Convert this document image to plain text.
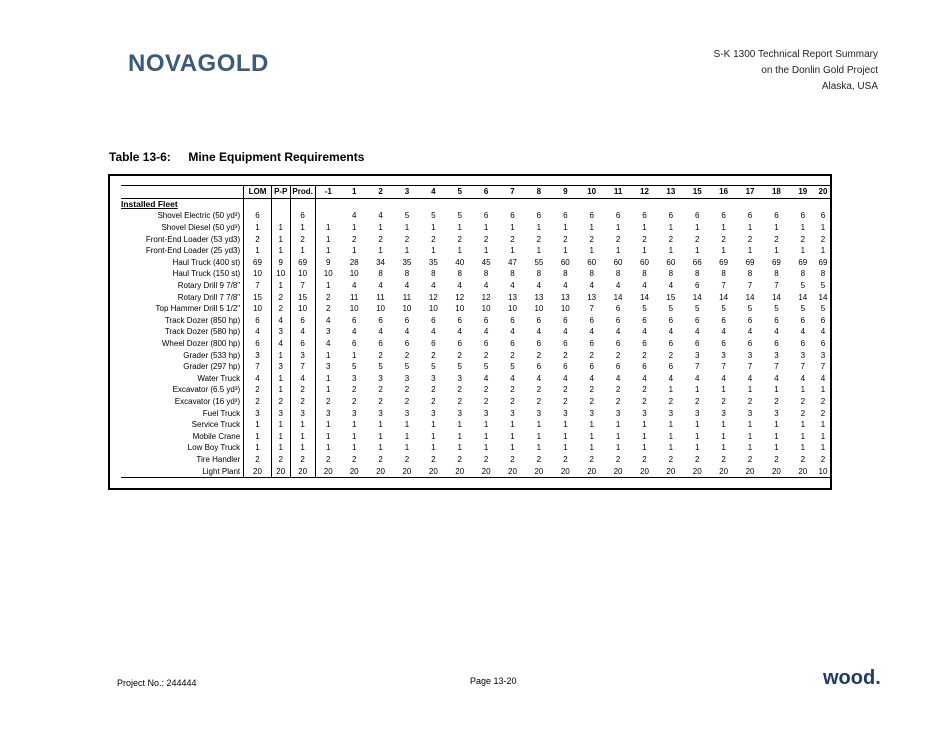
NOVAGOLD	S-K 1300 Technical Report Summary
on the Donlin Gold Project
Alaska, USA
Table 13-6: Mine Equipment Requirements
	LOM	P-P	Prod.	-1	1	2	3	4	5	6	7	8	9	10	11	12	13	15	16	17	18	19	20
Installed Fleet																							
Shovel Electric (50 yd³)	6		6		4	4	5	5	5	6	6	6	6	6	6	6	6	6	6	6	6	6	6
Shovel Diesel (50 yd³)	1	1	1	1	1	1	1	1	1	1	1	1	1	1	1	1	1	1	1	1	1	1	1
Front-End Loader (53 yd3)	2	1	2	1	2	2	2	2	2	2	2	2	2	2	2	2	2	2	2	2	2	2	2
Front-End Loader (25 yd3)	1	1	1	1	1	1	1	1	1	1	1	1	1	1	1	1	1	1	1	1	1	1	1
Haul Truck (400 st)	69	9	69	9	28	34	35	35	40	45	47	55	60	60	60	60	60	66	69	69	69	69	69
Haul Truck (150 st)	10	10	10	10	10	8	8	8	8	8	8	8	8	8	8	8	8	8	8	8	8	8	8
Rotary Drill 9 7/8"	7	1	7	1	4	4	4	4	4	4	4	4	4	4	4	4	4	6	7	7	7	5	5
Rotary Drill 7 7/8"	15	2	15	2	11	11	11	12	12	12	13	13	13	13	14	14	15	14	14	14	14	14	14
Top Hammer Drill 5 1/2"	10	2	10	2	10	10	10	10	10	10	10	10	10	7	6	5	5	5	5	5	5	5	5
Track Dozer (850 hp)	6	4	6	4	6	6	6	6	6	6	6	6	6	6	6	6	6	6	6	6	6	6	6
Track Dozer (580 hp)	4	3	4	3	4	4	4	4	4	4	4	4	4	4	4	4	4	4	4	4	4	4	4
Wheel Dozer (800 hp)	6	4	6	4	6	6	6	6	6	6	6	6	6	6	6	6	6	6	6	6	6	6	6
Grader (533 hp)	3	1	3	1	1	2	2	2	2	2	2	2	2	2	2	2	2	3	3	3	3	3	3
Grader (297 hp)	7	3	7	3	5	5	5	5	5	5	5	6	6	6	6	6	6	7	7	7	7	7	7
Water Truck	4	1	4	1	3	3	3	3	3	4	4	4	4	4	4	4	4	4	4	4	4	4	4
Excavator (6.5 yd³)	2	1	2	1	2	2	2	2	2	2	2	2	2	2	2	2	1	1	1	1	1	1	1
Excavator (16 yd³)	2	2	2	2	2	2	2	2	2	2	2	2	2	2	2	2	2	2	2	2	2	2	2
Fuel Truck	3	3	3	3	3	3	3	3	3	3	3	3	3	3	3	3	3	3	3	3	3	2	2
Service Truck	1	1	1	1	1	1	1	1	1	1	1	1	1	1	1	1	1	1	1	1	1	1	1
Mobile Crane	1	1	1	1	1	1	1	1	1	1	1	1	1	1	1	1	1	1	1	1	1	1	1
Low Boy Truck	1	1	1	1	1	1	1	1	1	1	1	1	1	1	1	1	1	1	1	1	1	1	1
Tire Handler	2	2	2	2	2	2	2	2	2	2	2	2	2	2	2	2	2	2	2	2	2	2	2
Light Plant	20	20	20	20	20	20	20	20	20	20	20	20	20	20	20	20	20	20	20	20	20	20	10
Project No.: 244444	Page 13-20	wood.
